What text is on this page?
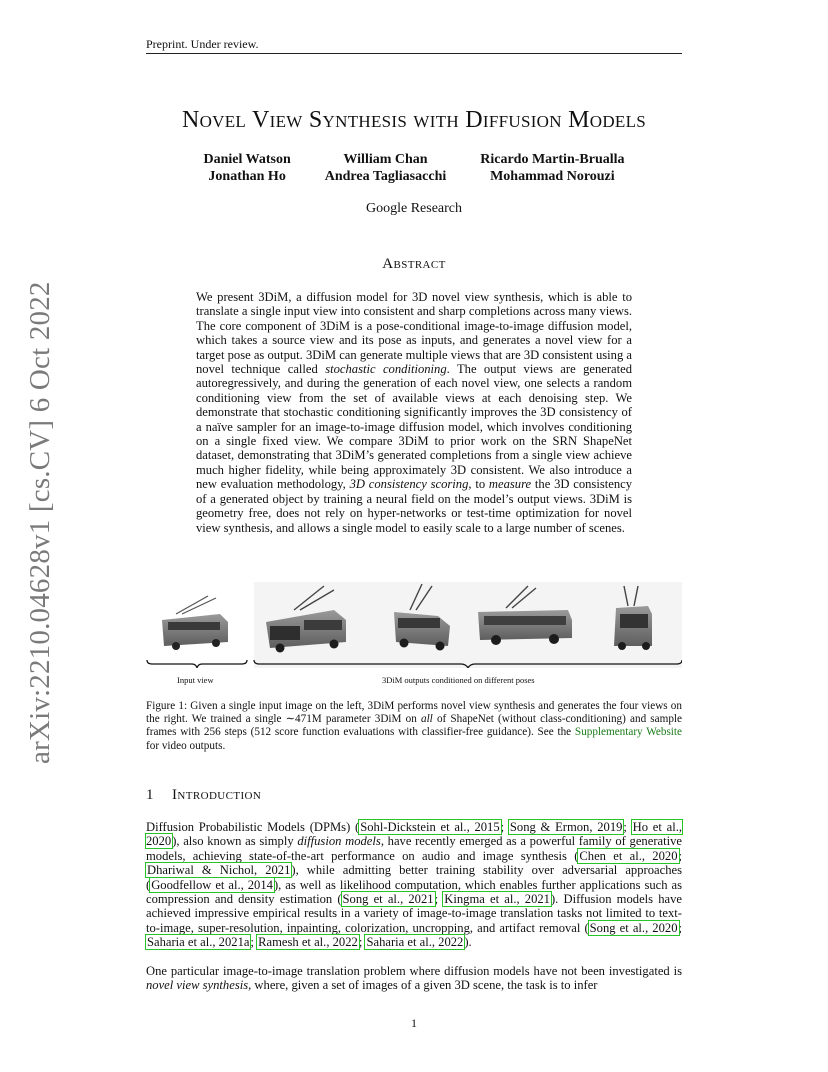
Preprint. Under review.
arXiv:2210.04628v1 [cs.CV] 6 Oct 2022
Novel View Synthesis with Diffusion Models
Daniel Watson
Jonathan Ho
William Chan
Andrea Tagliasacchi
Ricardo Martin-Brualla
Mohammad Norouzi
Google Research
Abstract
We present 3DiM, a diffusion model for 3D novel view synthesis, which is able to translate a single input view into consistent and sharp completions across many views. The core component of 3DiM is a pose-conditional image-to-image diffusion model, which takes a source view and its pose as inputs, and generates a novel view for a target pose as output. 3DiM can generate multiple views that are 3D consistent using a novel technique called stochastic conditioning. The output views are generated autoregressively, and during the generation of each novel view, one selects a random conditioning view from the set of available views at each denoising step. We demonstrate that stochastic conditioning significantly improves the 3D consistency of a naïve sampler for an image-to-image diffusion model, which involves conditioning on a single fixed view. We compare 3DiM to prior work on the SRN ShapeNet dataset, demonstrating that 3DiM’s generated completions from a single view achieve much higher fidelity, while being approximately 3D consistent. We also introduce a new evaluation methodology, 3D consistency scoring, to measure the 3D consistency of a generated object by training a neural field on the model’s output views. 3DiM is geometry free, does not rely on hyper-networks or test-time optimization for novel view synthesis, and allows a single model to easily scale to a large number of scenes.
Input view	3DiM outputs conditioned on different poses
Figure 1: Given a single input image on the left, 3DiM performs novel view synthesis and generates the four views on the right. We trained a single ∼471M parameter 3DiM on all of ShapeNet (without class-conditioning) and sample frames with 256 steps (512 score function evaluations with classifier-free guidance). See the Supplementary Website for video outputs.
1 Introduction
Diffusion Probabilistic Models (DPMs) (Sohl-Dickstein et al., 2015; Song & Ermon, 2019; Ho et al., 2020), also known as simply diffusion models, have recently emerged as a powerful family of generative models, achieving state-of-the-art performance on audio and image synthesis (Chen et al., 2020; Dhariwal & Nichol, 2021), while admitting better training stability over adversarial approaches (Goodfellow et al., 2014), as well as likelihood computation, which enables further applications such as compression and density estimation (Song et al., 2021; Kingma et al., 2021). Diffusion models have achieved impressive empirical results in a variety of image-to-image translation tasks not limited to text-to-image, super-resolution, inpainting, colorization, uncropping, and artifact removal (Song et al., 2020; Saharia et al., 2021a; Ramesh et al., 2022; Saharia et al., 2022).
One particular image-to-image translation problem where diffusion models have not been investigated is novel view synthesis, where, given a set of images of a given 3D scene, the task is to infer
1
